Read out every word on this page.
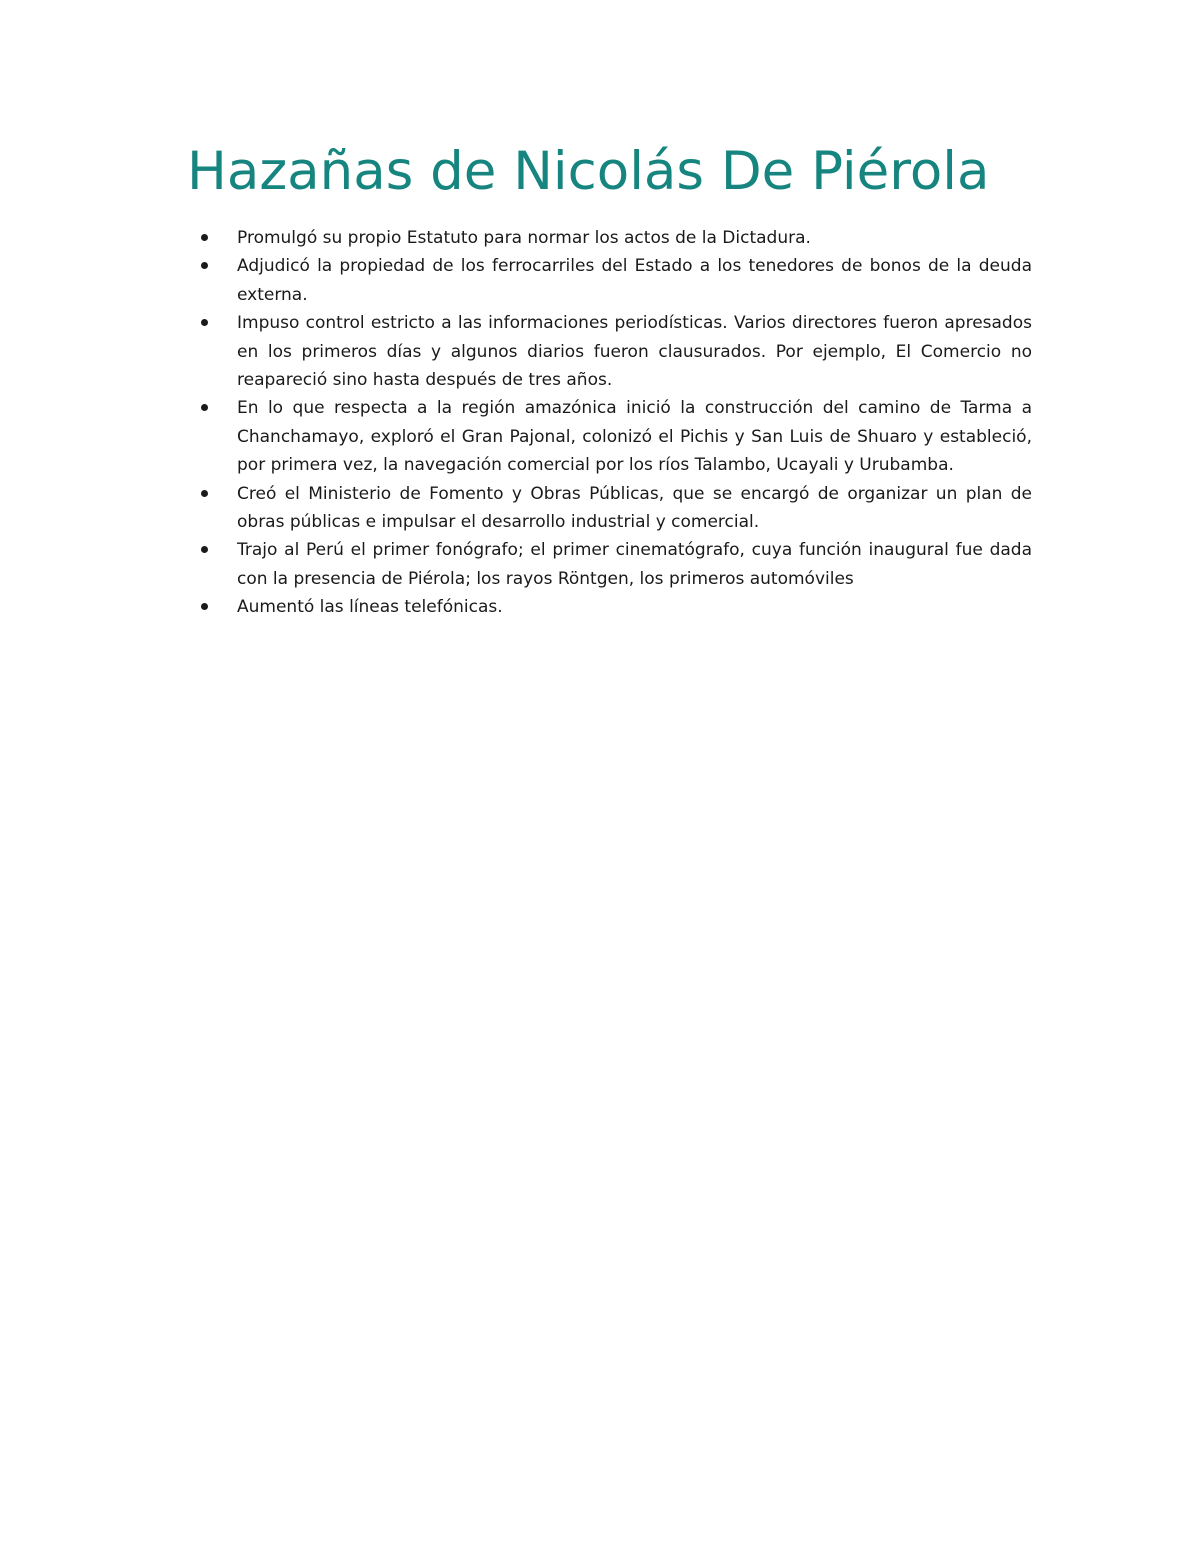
Hazañas de Nicolás De Piérola
Promulgó su propio Estatuto para normar los actos de la Dictadura.
Adjudicó la propiedad de los ferrocarriles del Estado a los tenedores de bonos de la deuda externa.
Impuso control estricto a las informaciones periodísticas. Varios directores fueron apresados en los primeros días y algunos diarios fueron clausurados. Por ejemplo, El Comercio no reapareció sino hasta después de tres años.
En lo que respecta a la región amazónica inició la construcción del camino de Tarma a Chanchamayo, exploró el Gran Pajonal, colonizó el Pichis y San Luis de Shuaro y estableció, por primera vez, la navegación comercial por los ríos Talambo, Ucayali y Urubamba.
Creó el Ministerio de Fomento y Obras Públicas, que se encargó de organizar un plan de obras públicas e impulsar el desarrollo industrial y comercial.
Trajo al Perú el primer fonógrafo; el primer cinematógrafo, cuya función inaugural fue dada con la presencia de Piérola; los rayos Röntgen, los primeros automóviles
Aumentó las líneas telefónicas.
